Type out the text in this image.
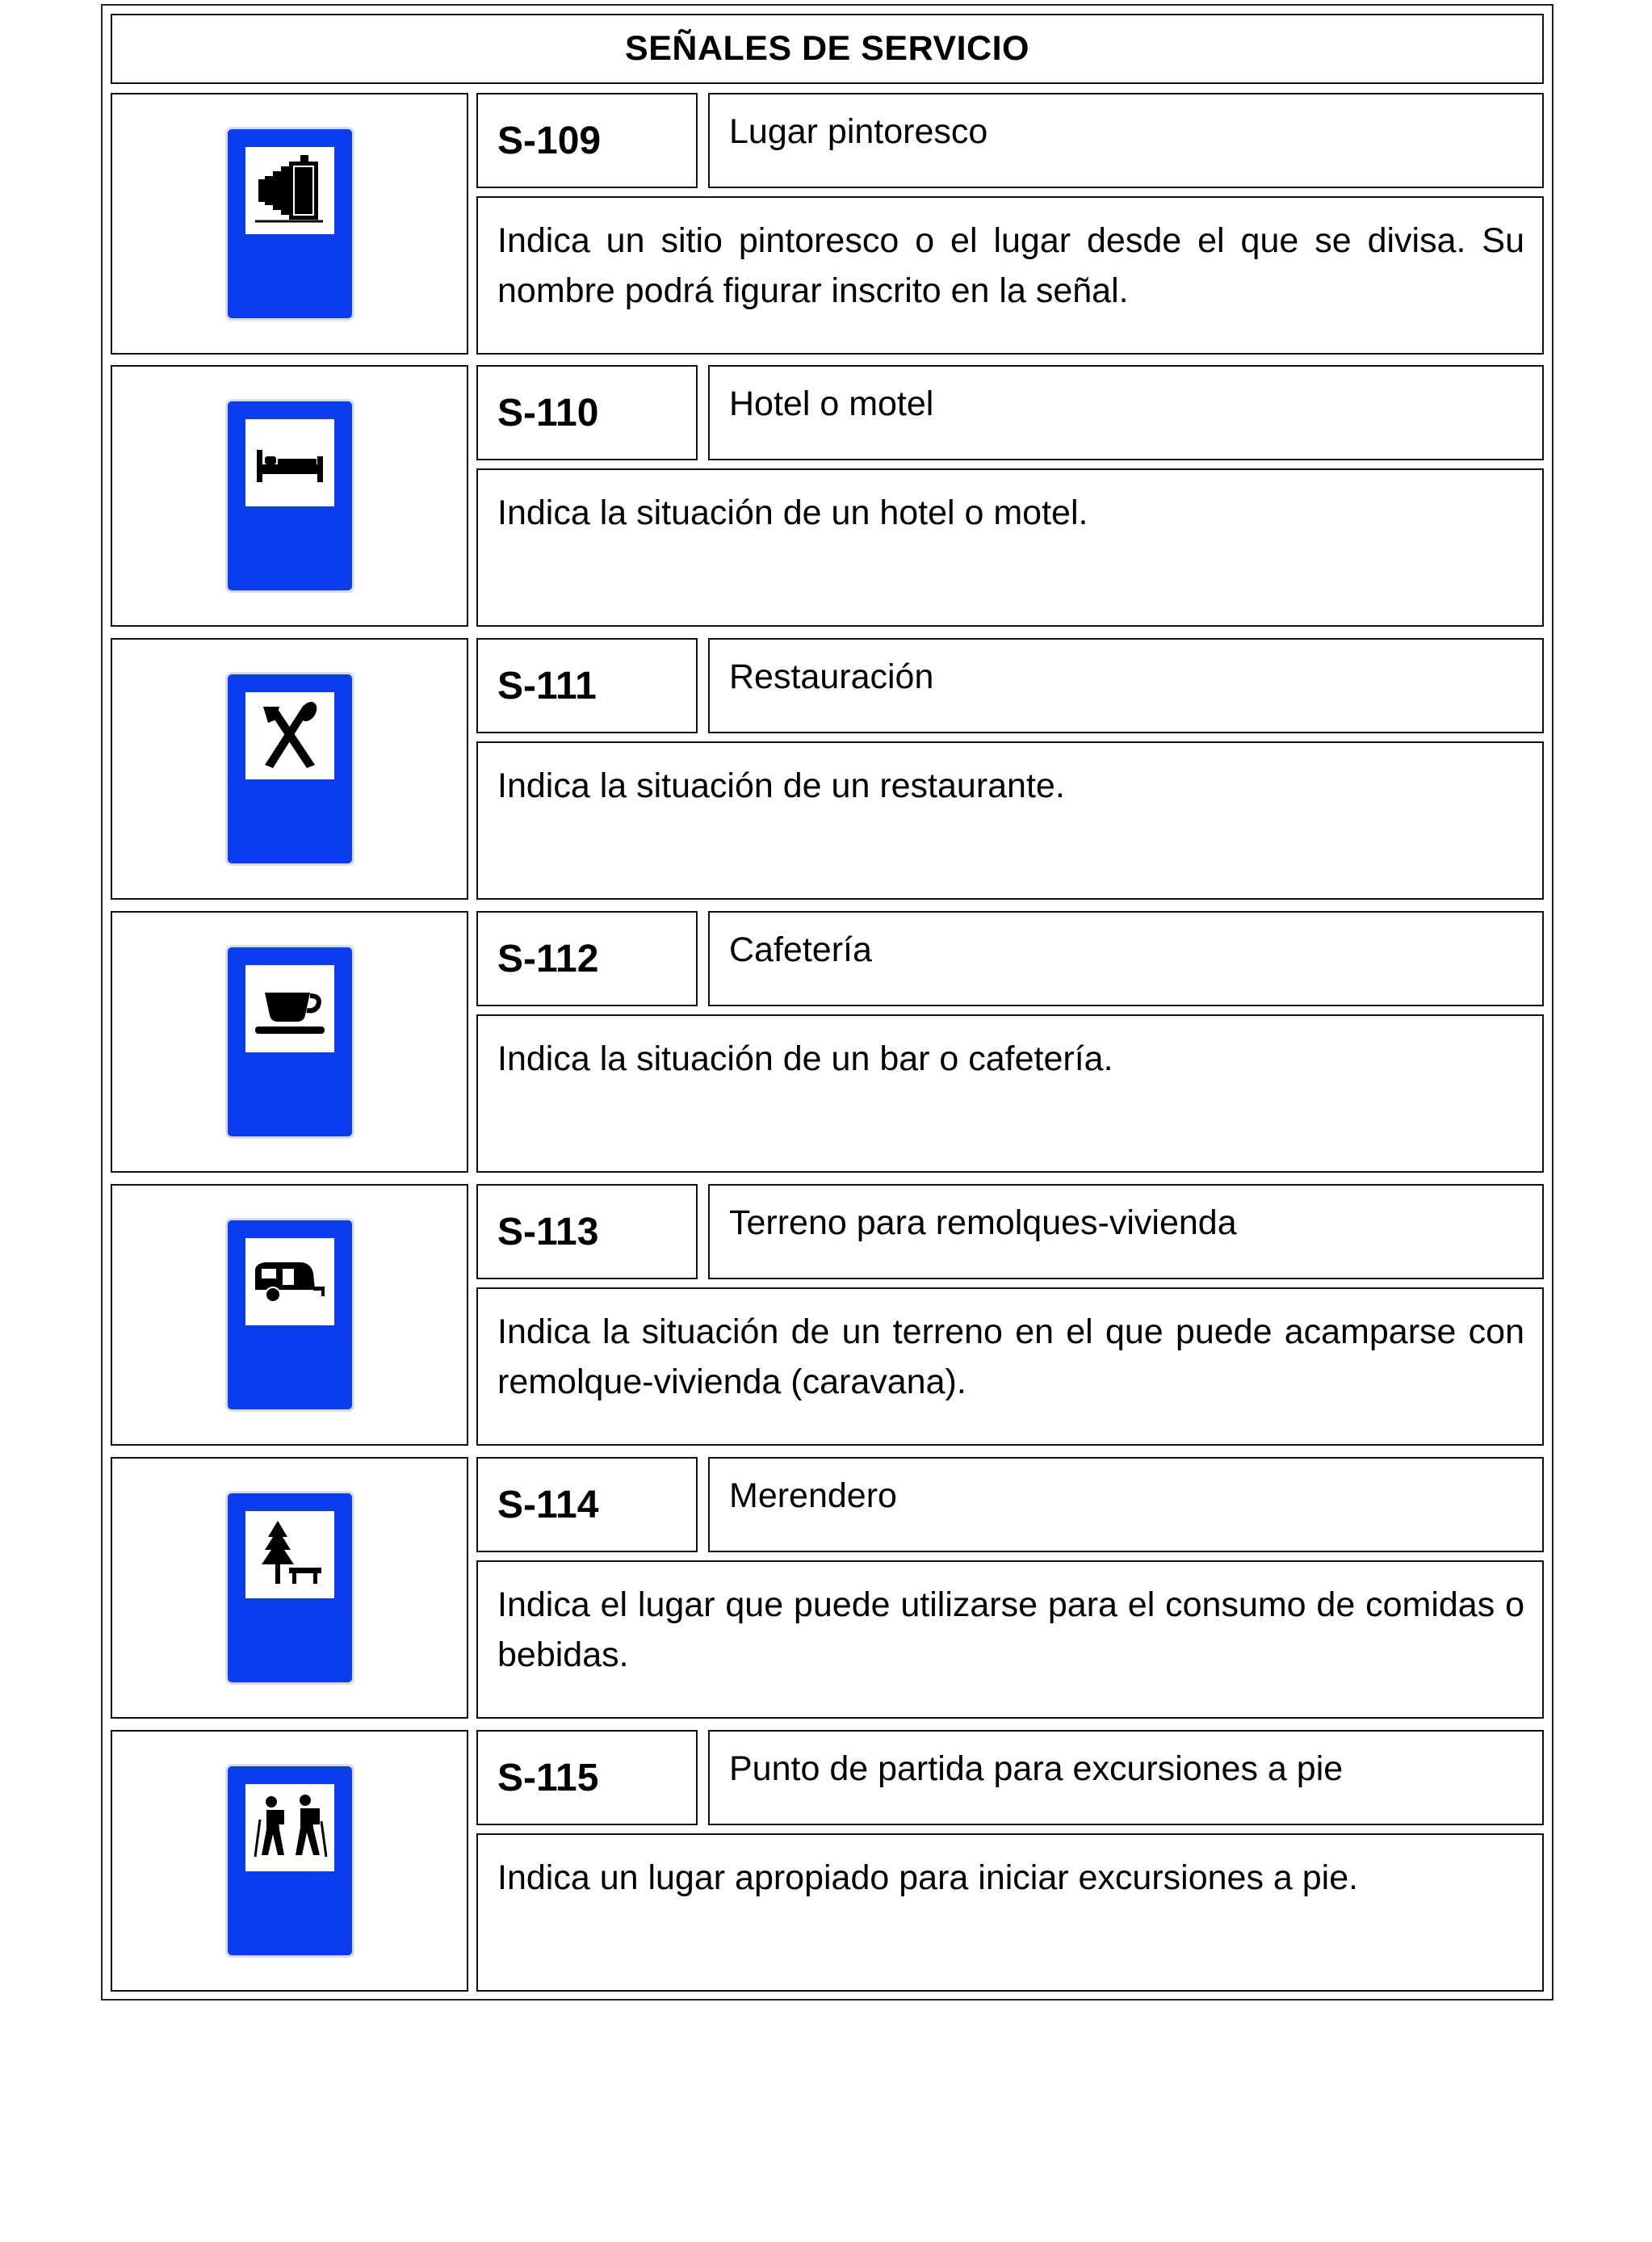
SEÑALES DE SERVICIO
S-109	Lugar pintoresco
Indica un sitio pintoresco o el lugar desde el que se divisa. Su nombre podrá figurar inscrito en la señal.
S-110	Hotel o motel
Indica la situación de un hotel o motel.
S-111	Restauración
Indica la situación de un restaurante.
S-112	Cafetería
Indica la situación de un bar o cafetería.
S-113	Terreno para remolques-vivienda
Indica la situación de un terreno en el que puede acamparse con remolque-vivienda (caravana).
S-114	Merendero
Indica el lugar que puede utilizarse para el consumo de comidas o bebidas.
S-115	Punto de partida para excursiones a pie
Indica un lugar apropiado para iniciar excursiones a pie.
